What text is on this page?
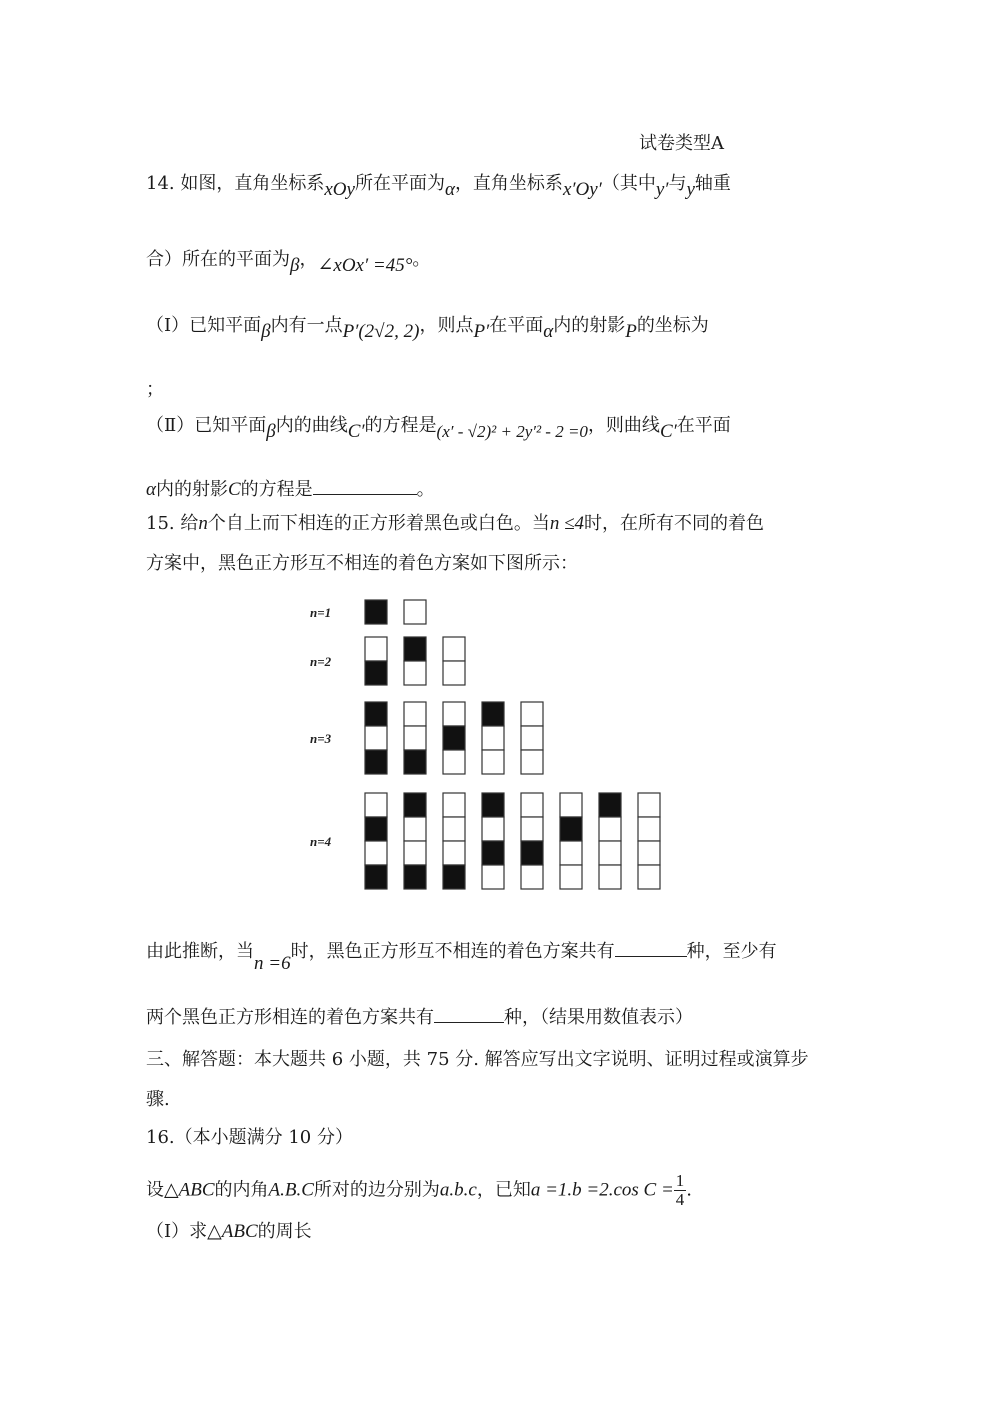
试卷类型A
14. 如图，直角坐标系xOy所在平面为α，直角坐标系x′Oy′（其中y′与y轴重
合）所在的平面为β，∠xOx′ =45°。
（Ⅰ）已知平面β内有一点P′(2√2, 2)，则点P′在平面α内的射影P的坐标为
；
（Ⅱ）已知平面β内的曲线C′的方程是(x′ - √2)² + 2y′² - 2 =0，则曲线C′在平面
α内的射影C的方程是	。
15. 给n个自上而下相连的正方形着黑色或白色。当n ≤4时，在所有不同的着色
方案中，黑色正方形互不相连的着色方案如下图所示：
n=1
n=2
n=3
n=4
由此推断，当n =6时，黑色正方形互不相连的着色方案共有	种，至少有
两个黑色正方形相连的着色方案共有	种，（结果用数值表示）
三、解答题：本大题共 6 小题，共 75 分. 解答应写出文字说明、证明过程或演算步
骤.
16.（本小题满分 10 分）
设△ABC的内角A.B.C所对的边分别为a.b.c，已知a =1.b =2.cos $C = \frac{1}{4}$ .
（Ⅰ）求△ABC的周长
